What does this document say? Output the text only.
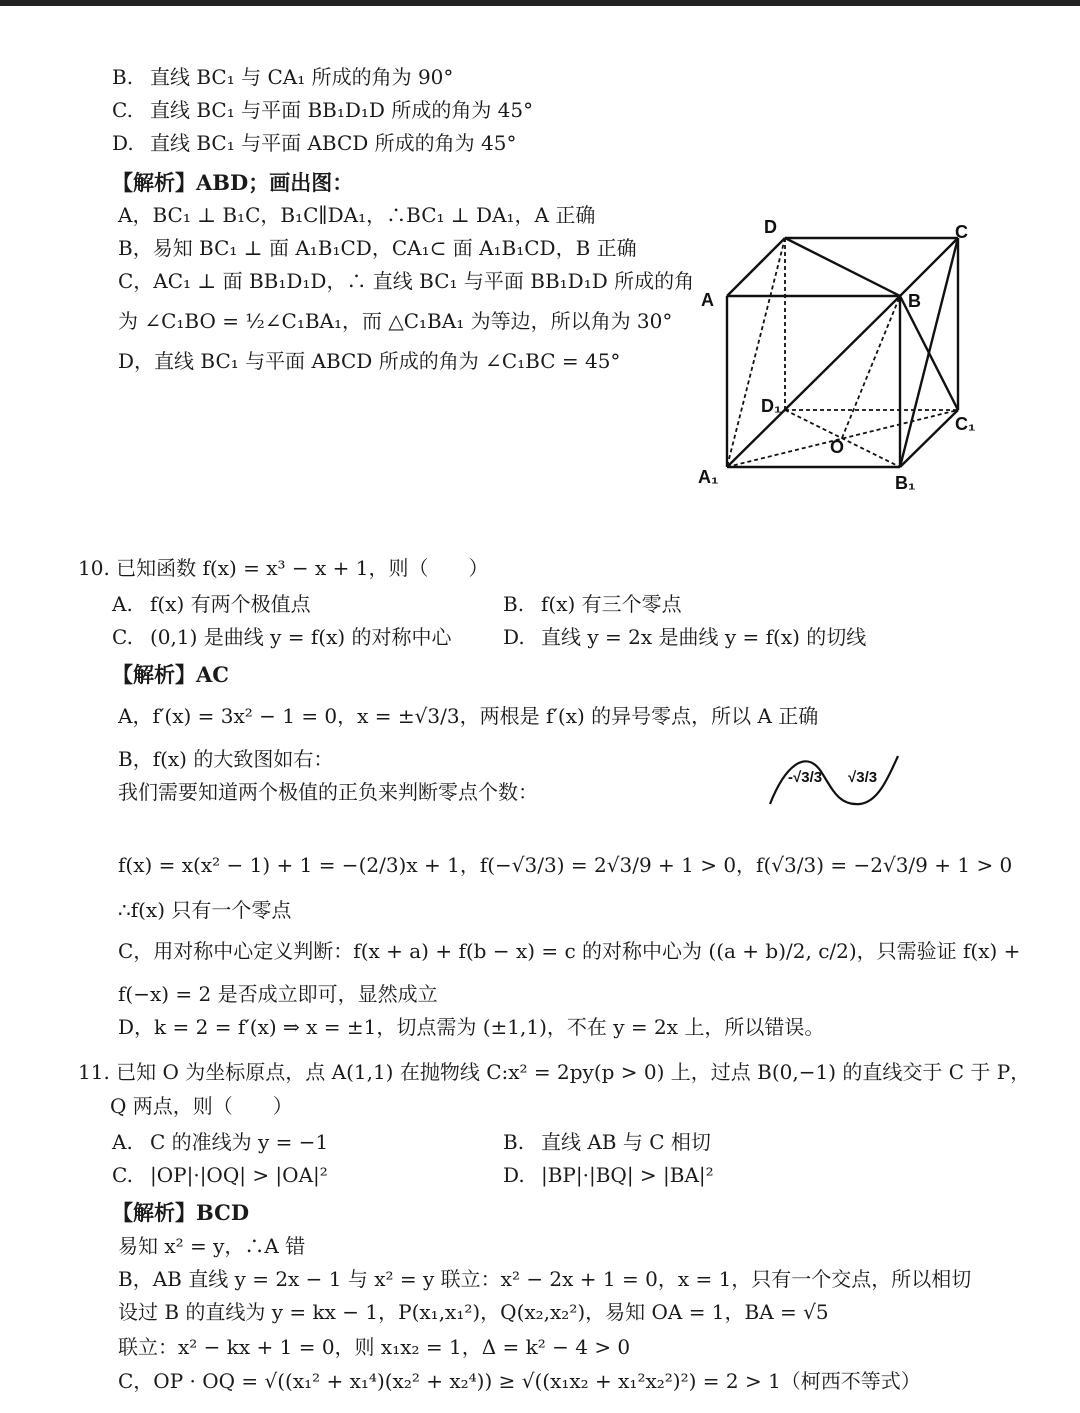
B. 直线 BC₁ 与 CA₁ 所成的角为 90°
C. 直线 BC₁ 与平面 BB₁D₁D 所成的角为 45°
D. 直线 BC₁ 与平面 ABCD 所成的角为 45°
【解析】ABD；画出图：
A，BC₁ ⊥ B₁C，B₁C∥DA₁，∴BC₁ ⊥ DA₁，A 正确
B，易知 BC₁ ⊥ 面 A₁B₁CD，CA₁⊂ 面 A₁B₁CD，B 正确
C，AC₁ ⊥ 面 BB₁D₁D，∴ 直线 BC₁ 与平面 BB₁D₁D 所成的角
为 ∠C₁BO = ½∠C₁BA₁，而 △C₁BA₁ 为等边，所以角为 30°
D，直线 BC₁ 与平面 ABCD 所成的角为 ∠C₁BC = 45°
D	C
A	B
D₁
C₁
O
A₁	B₁
10. 已知函数 f(x) = x³ − x + 1，则（　　）
A. f(x) 有两个极值点	B. f(x) 有三个零点
C. (0,1) 是曲线 y = f(x) 的对称中心	D. 直线 y = 2x 是曲线 y = f(x) 的切线
【解析】AC
A，f′(x) = 3x² − 1 = 0，x = ±√3/3，两根是 f′(x) 的异号零点，所以 A 正确
B，f(x) 的大致图如右：
我们需要知道两个极值的正负来判断零点个数：
-√3/3 √3/3
f(x) = x(x² − 1) + 1 = −(2/3)x + 1，f(−√3/3) = 2√3/9 + 1 > 0，f(√3/3) = −2√3/9 + 1 > 0
∴f(x) 只有一个零点
C，用对称中心定义判断：f(x + a) + f(b − x) = c 的对称中心为 ((a + b)/2, c/2)，只需验证 f(x) +
f(−x) = 2 是否成立即可，显然成立
D，k = 2 = f′(x) ⇒ x = ±1，切点需为 (±1,1)，不在 y = 2x 上，所以错误。
11. 已知 O 为坐标原点，点 A(1,1) 在抛物线 C:x² = 2py(p > 0) 上，过点 B(0,−1) 的直线交于 C 于 P，
Q 两点，则（　　）
A. C 的准线为 y = −1	B. 直线 AB 与 C 相切
C. |OP|·|OQ| > |OA|²	D. |BP|·|BQ| > |BA|²
【解析】BCD
易知 x² = y，∴A 错
B，AB 直线 y = 2x − 1 与 x² = y 联立：x² − 2x + 1 = 0，x = 1，只有一个交点，所以相切
设过 B 的直线为 y = kx − 1，P(x₁,x₁²)，Q(x₂,x₂²)，易知 OA = 1，BA = √5
联立：x² − kx + 1 = 0，则 x₁x₂ = 1，Δ = k² − 4 > 0
C，OP · OQ = √((x₁² + x₁⁴)(x₂² + x₂⁴)) ≥ √((x₁x₂ + x₁²x₂²)²) = 2 > 1（柯西不等式）
